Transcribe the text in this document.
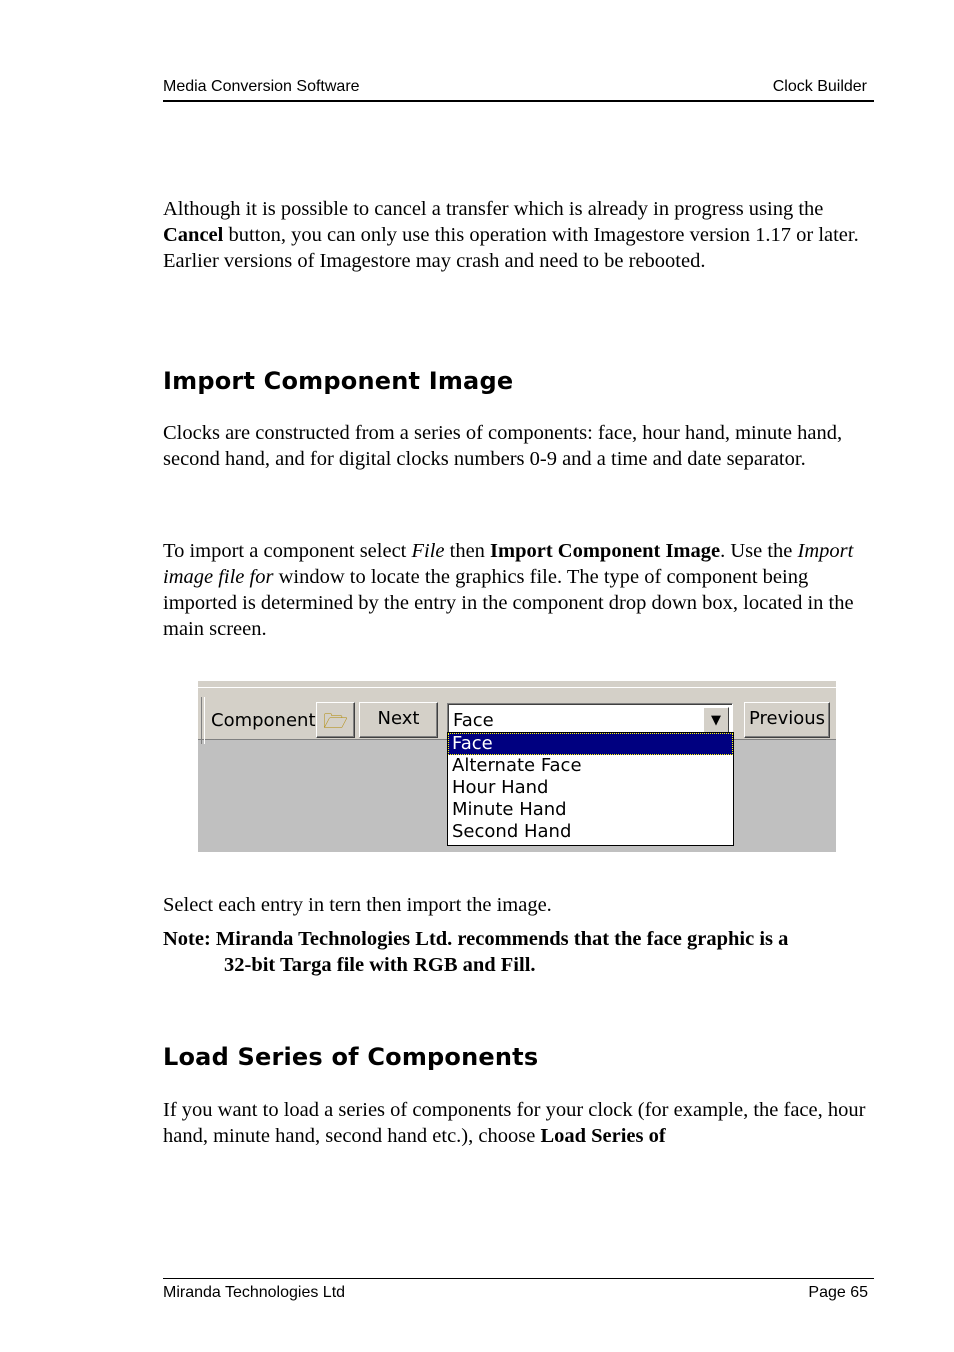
Media Conversion Software	Clock Builder

Although it is possible to cancel a transfer which is already in progress using the Cancel button, you can only use this operation with Imagestore version 1.17 or later. Earlier versions of Imagestore may crash and need to be rebooted.

Import Component Image

Clocks are constructed from a series of components: face, hour hand, minute hand, second hand, and for digital clocks numbers 0-9 and a time and date separator.

To import a component select File then Import Component Image. Use the Import image file for window to locate the graphics file. The type of component being imported is determined by the entry in the component drop down box, located in the main screen.

Component 🗁	Next	Face	▼	Previous
Face
Alternate Face
Hour Hand
Minute Hand
Second Hand

Select each entry in tern then import the image.

Note: Miranda Technologies Ltd. recommends that the face graphic is a
32-bit Targa file with RGB and Fill.
Load Series of Components

If you want to load a series of components for your clock (for example, the face, hour hand, minute hand, second hand etc.), choose Load Series of

Miranda Technologies Ltd	Page 65
